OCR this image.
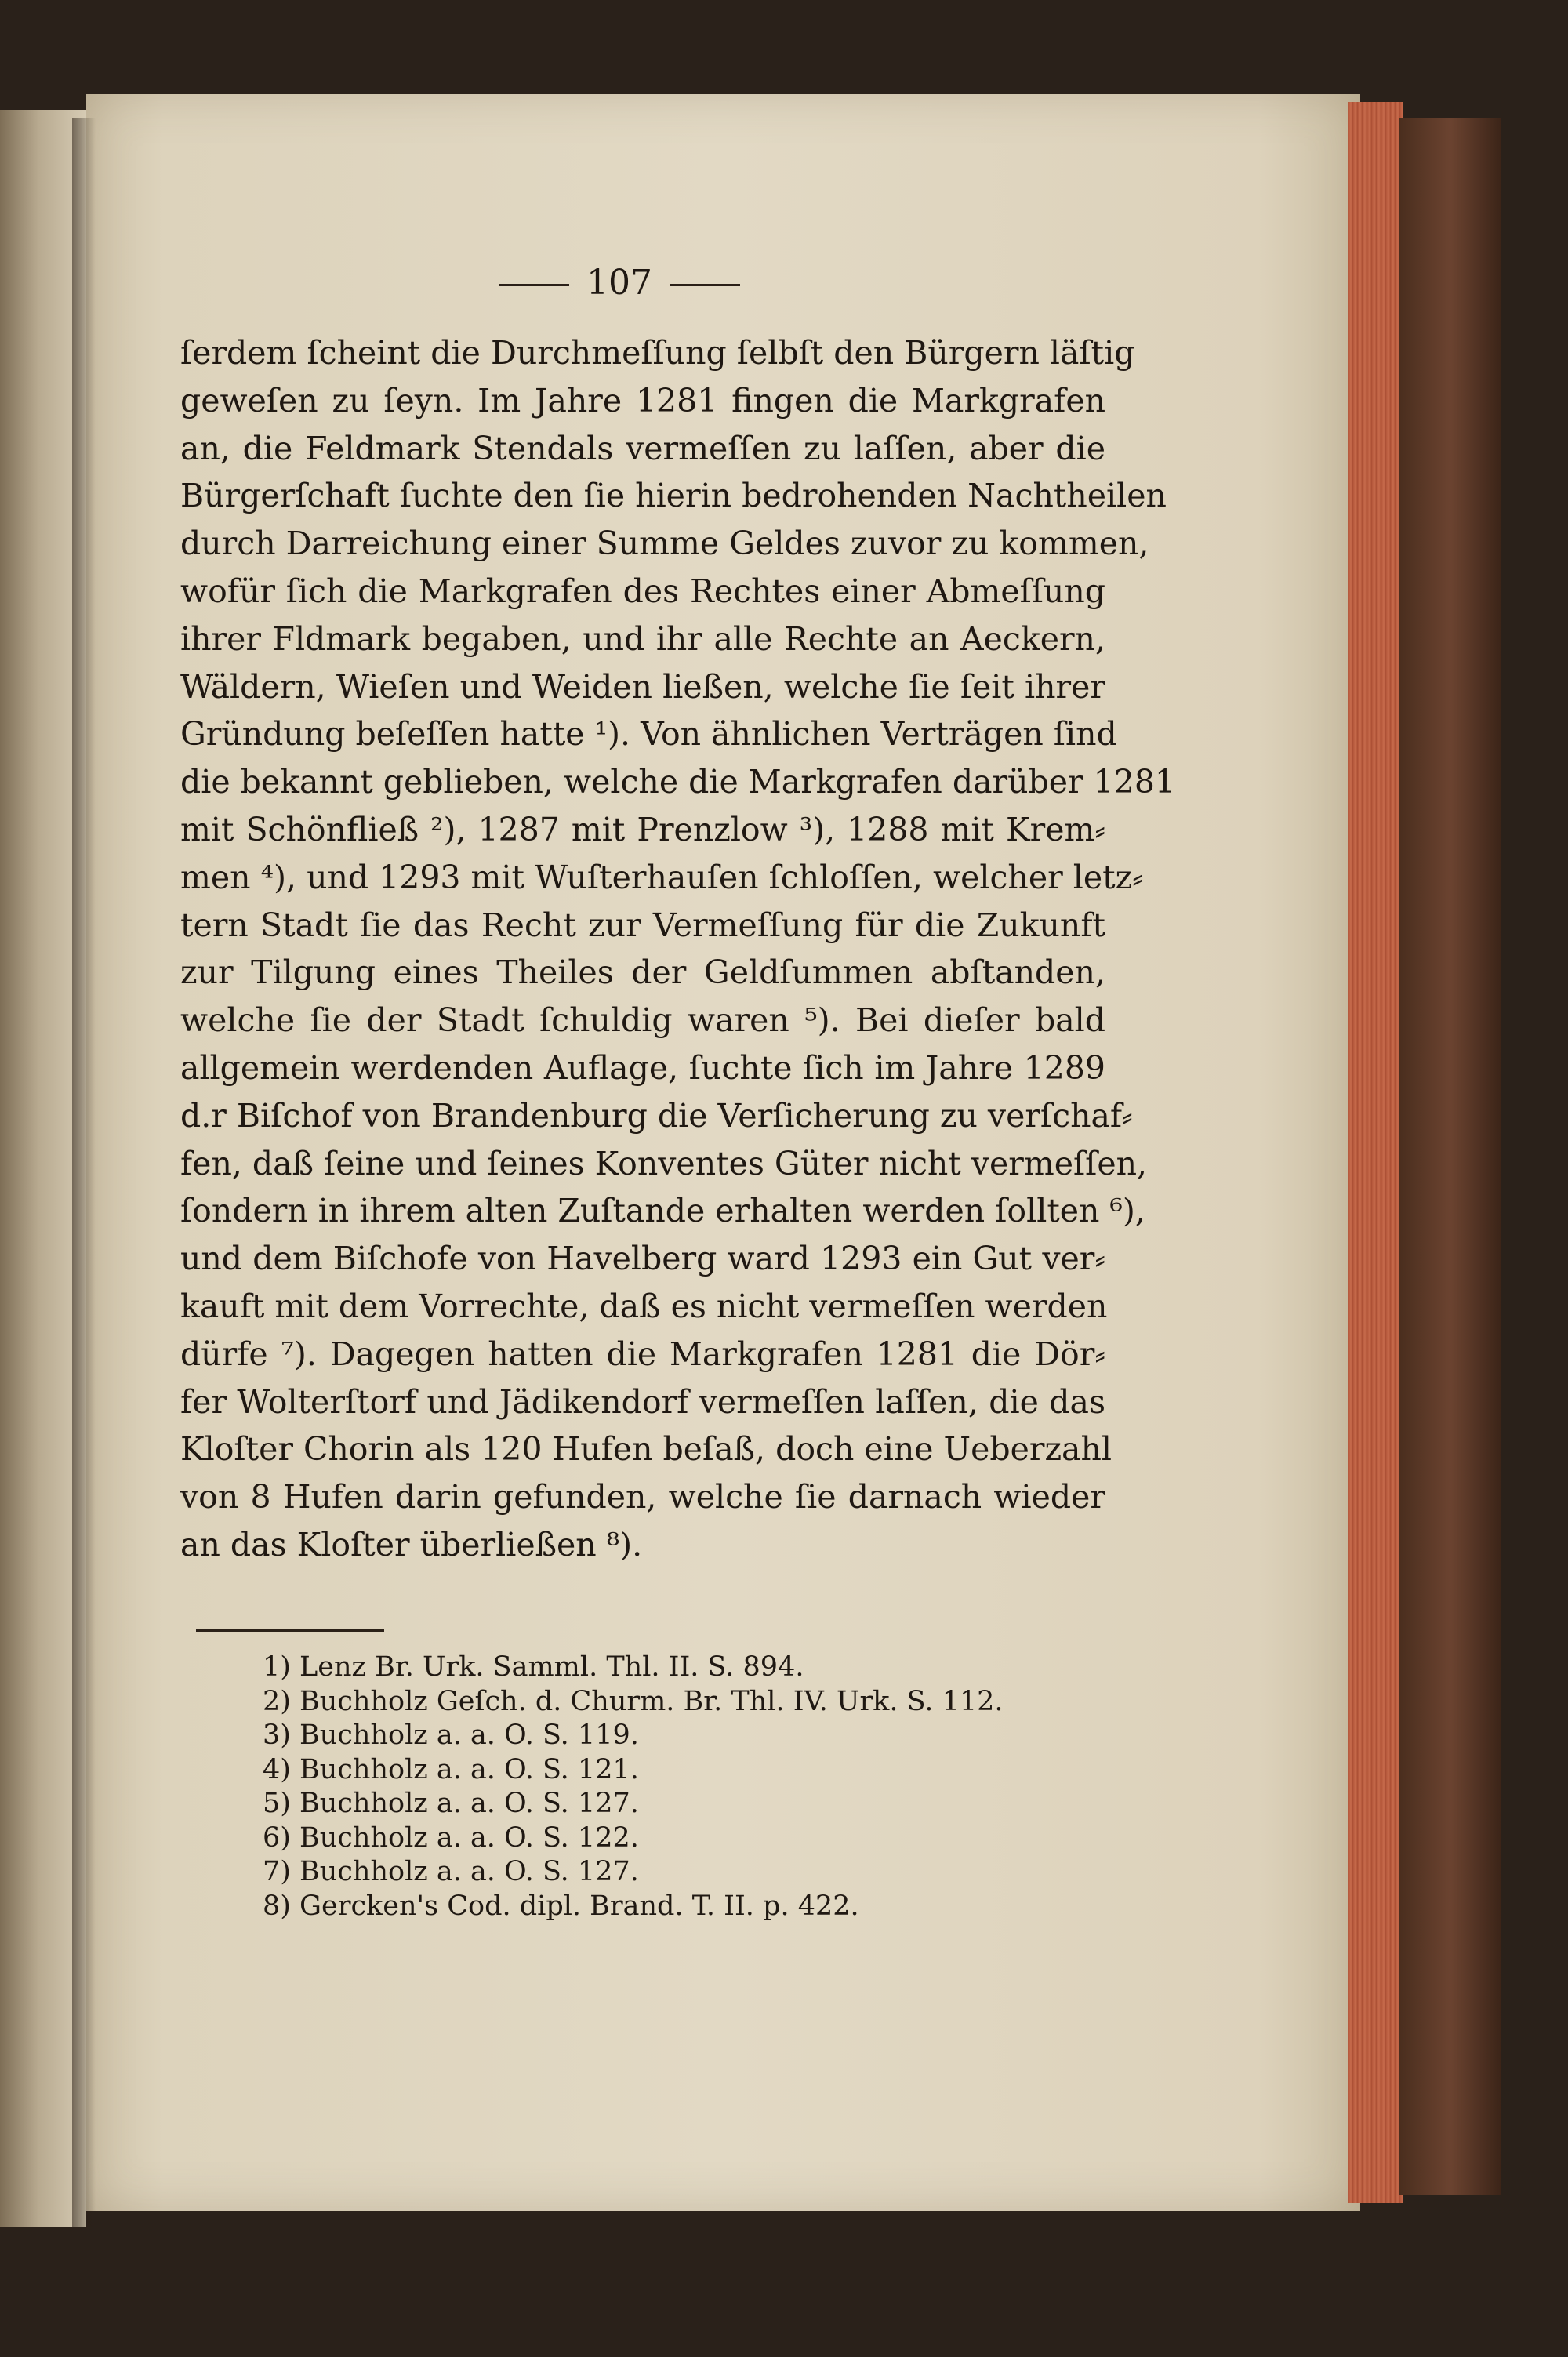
107
ſerdem ſcheint die Durchmeſſung ſelbſt den Bürgern läſtig
geweſen zu ſeyn. Im Jahre 1281 fingen die Markgrafen
an, die Feldmark Stendals vermeſſen zu laſſen, aber die
Bürgerſchaft ſuchte den ſie hierin bedrohenden Nachtheilen
durch Darreichung einer Summe Geldes zuvor zu kommen,
wofür ſich die Markgrafen des Rechtes einer Abmeſſung
ihrer Fldmark begaben, und ihr alle Rechte an Aeckern,
Wäldern, Wieſen und Weiden ließen, welche ſie ſeit ihrer
Gründung beſeſſen hatte ¹). Von ähnlichen Verträgen ſind
die bekannt geblieben, welche die Markgrafen darüber 1281
mit Schönfließ ²), 1287 mit Prenzlow ³), 1288 mit Krem⸗
men ⁴), und 1293 mit Wuſterhauſen ſchloſſen, welcher letz⸗
tern Stadt ſie das Recht zur Vermeſſung für die Zukunft
zur Tilgung eines Theiles der Geldſummen abſtanden,
welche ſie der Stadt ſchuldig waren ⁵). Bei dieſer bald
allgemein werdenden Auflage, ſuchte ſich im Jahre 1289
d.r Biſchof von Brandenburg die Verſicherung zu verſchaf⸗
fen, daß ſeine und ſeines Konventes Güter nicht vermeſſen,
ſondern in ihrem alten Zuſtande erhalten werden ſollten ⁶),
und dem Biſchofe von Havelberg ward 1293 ein Gut ver⸗
kauft mit dem Vorrechte, daß es nicht vermeſſen werden
dürfe ⁷). Dagegen hatten die Markgrafen 1281 die Dör⸗
fer Wolterſtorf und Jädikendorf vermeſſen laſſen, die das
Kloſter Chorin als 120 Hufen beſaß, doch eine Ueberzahl
von 8 Hufen darin gefunden, welche ſie darnach wieder
an das Kloſter überließen ⁸).
1) Lenz Br. Urk. Samml. Thl. II. S. 894.
2) Buchholz Geſch. d. Churm. Br. Thl. IV. Urk. S. 112.
3) Buchholz a. a. O. S. 119.
4) Buchholz a. a. O. S. 121.
5) Buchholz a. a. O. S. 127.
6) Buchholz a. a. O. S. 122.
7) Buchholz a. a. O. S. 127.
8) Gercken's Cod. dipl. Brand. T. II. p. 422.
